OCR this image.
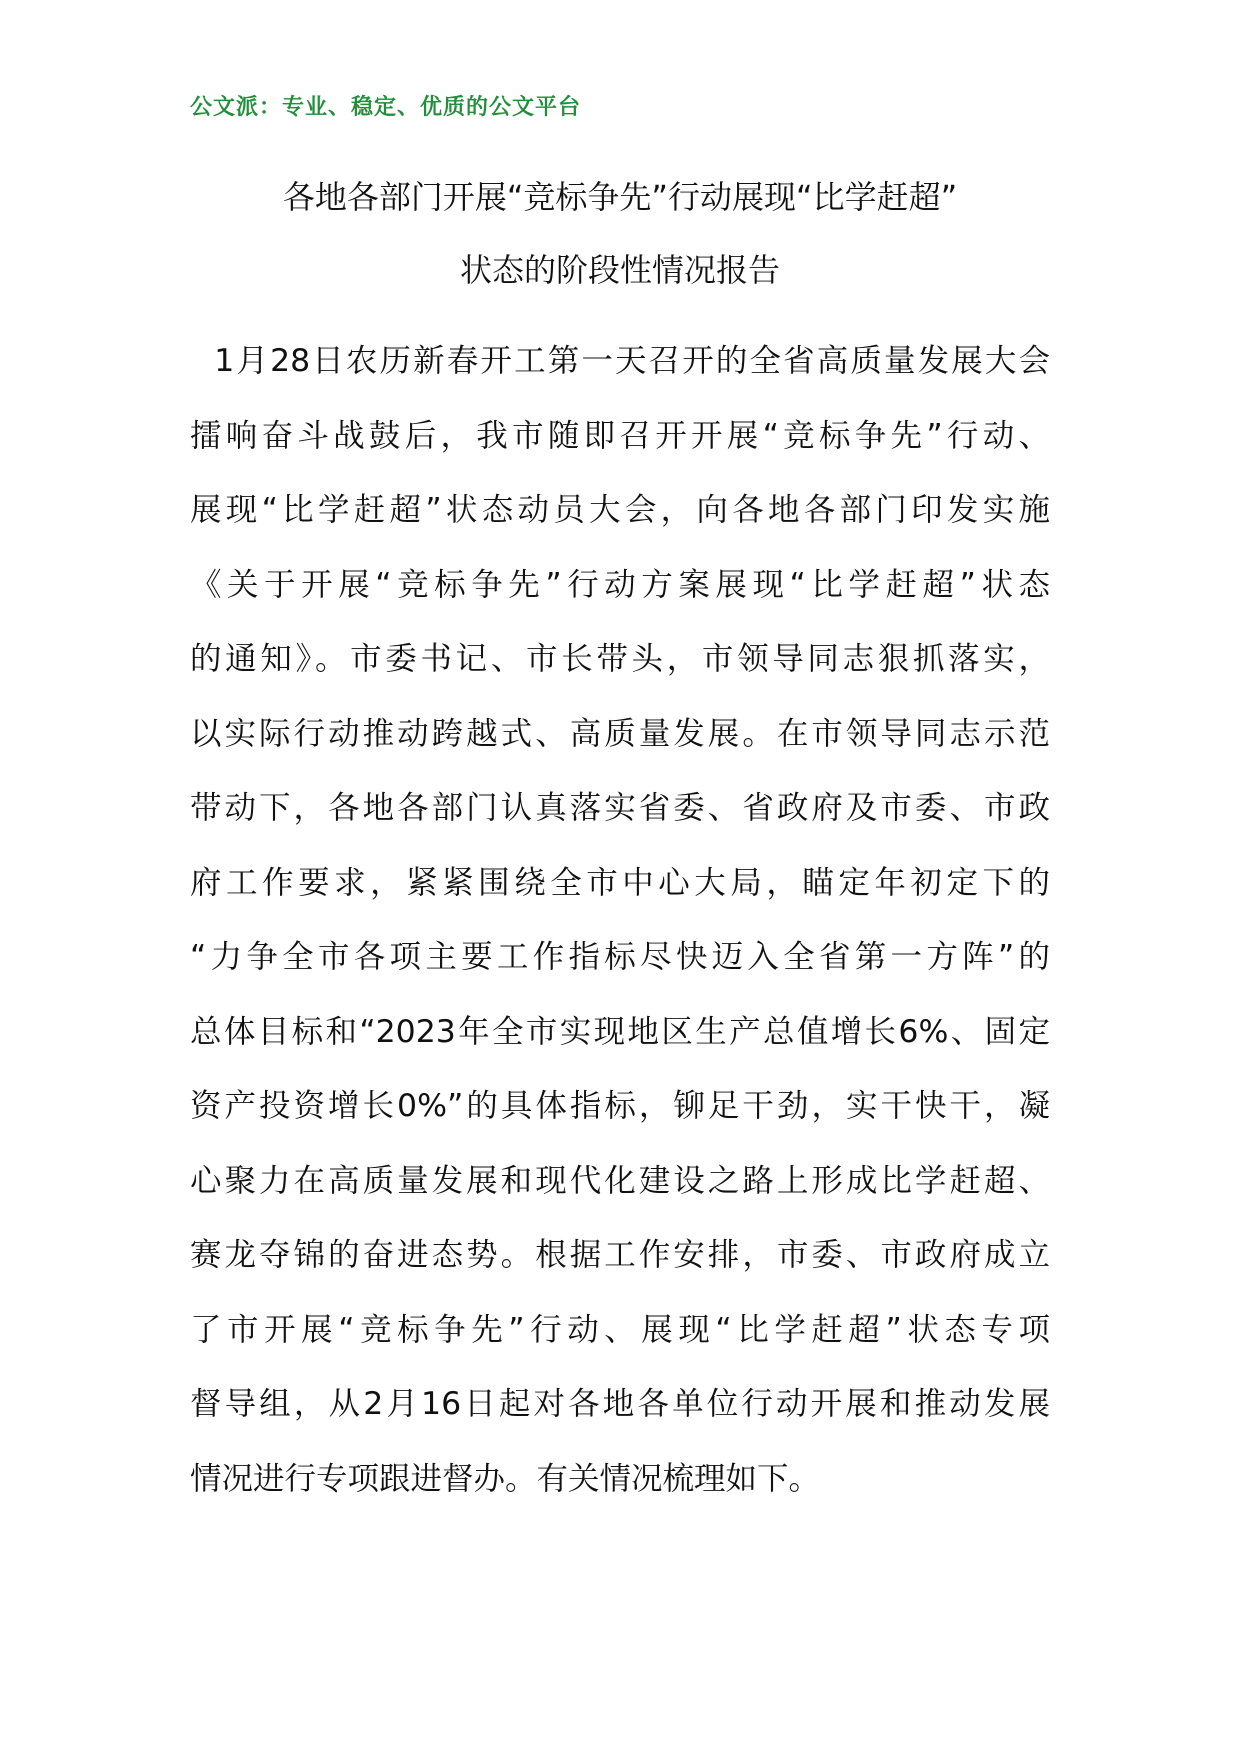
公文派：专业、稳定、优质的公文平台
各地各部门开展“竞标争先”行动展现“比学赶超”
状态的阶段性情况报告
1月28日农历新春开工第一天召开的全省高质量发展大会
擂响奋斗战鼓后，我市随即召开开展“竞标争先”行动、
展现“比学赶超”状态动员大会，向各地各部门印发实施
《关于开展“竞标争先”行动方案展现“比学赶超”状态
的通知》。市委书记、市长带头，市领导同志狠抓落实，
以实际行动推动跨越式、高质量发展。在市领导同志示范
带动下，各地各部门认真落实省委、省政府及市委、市政
府工作要求，紧紧围绕全市中心大局，瞄定年初定下的
“力争全市各项主要工作指标尽快迈入全省第一方阵”的
总体目标和“2023年全市实现地区生产总值增长6%、固定
资产投资增长0%”的具体指标，铆足干劲，实干快干，凝
心聚力在高质量发展和现代化建设之路上形成比学赶超、
赛龙夺锦的奋进态势。根据工作安排，市委、市政府成立
了市开展“竞标争先”行动、展现“比学赶超”状态专项
督导组，从2月16日起对各地各单位行动开展和推动发展
情况进行专项跟进督办。有关情况梳理如下。
